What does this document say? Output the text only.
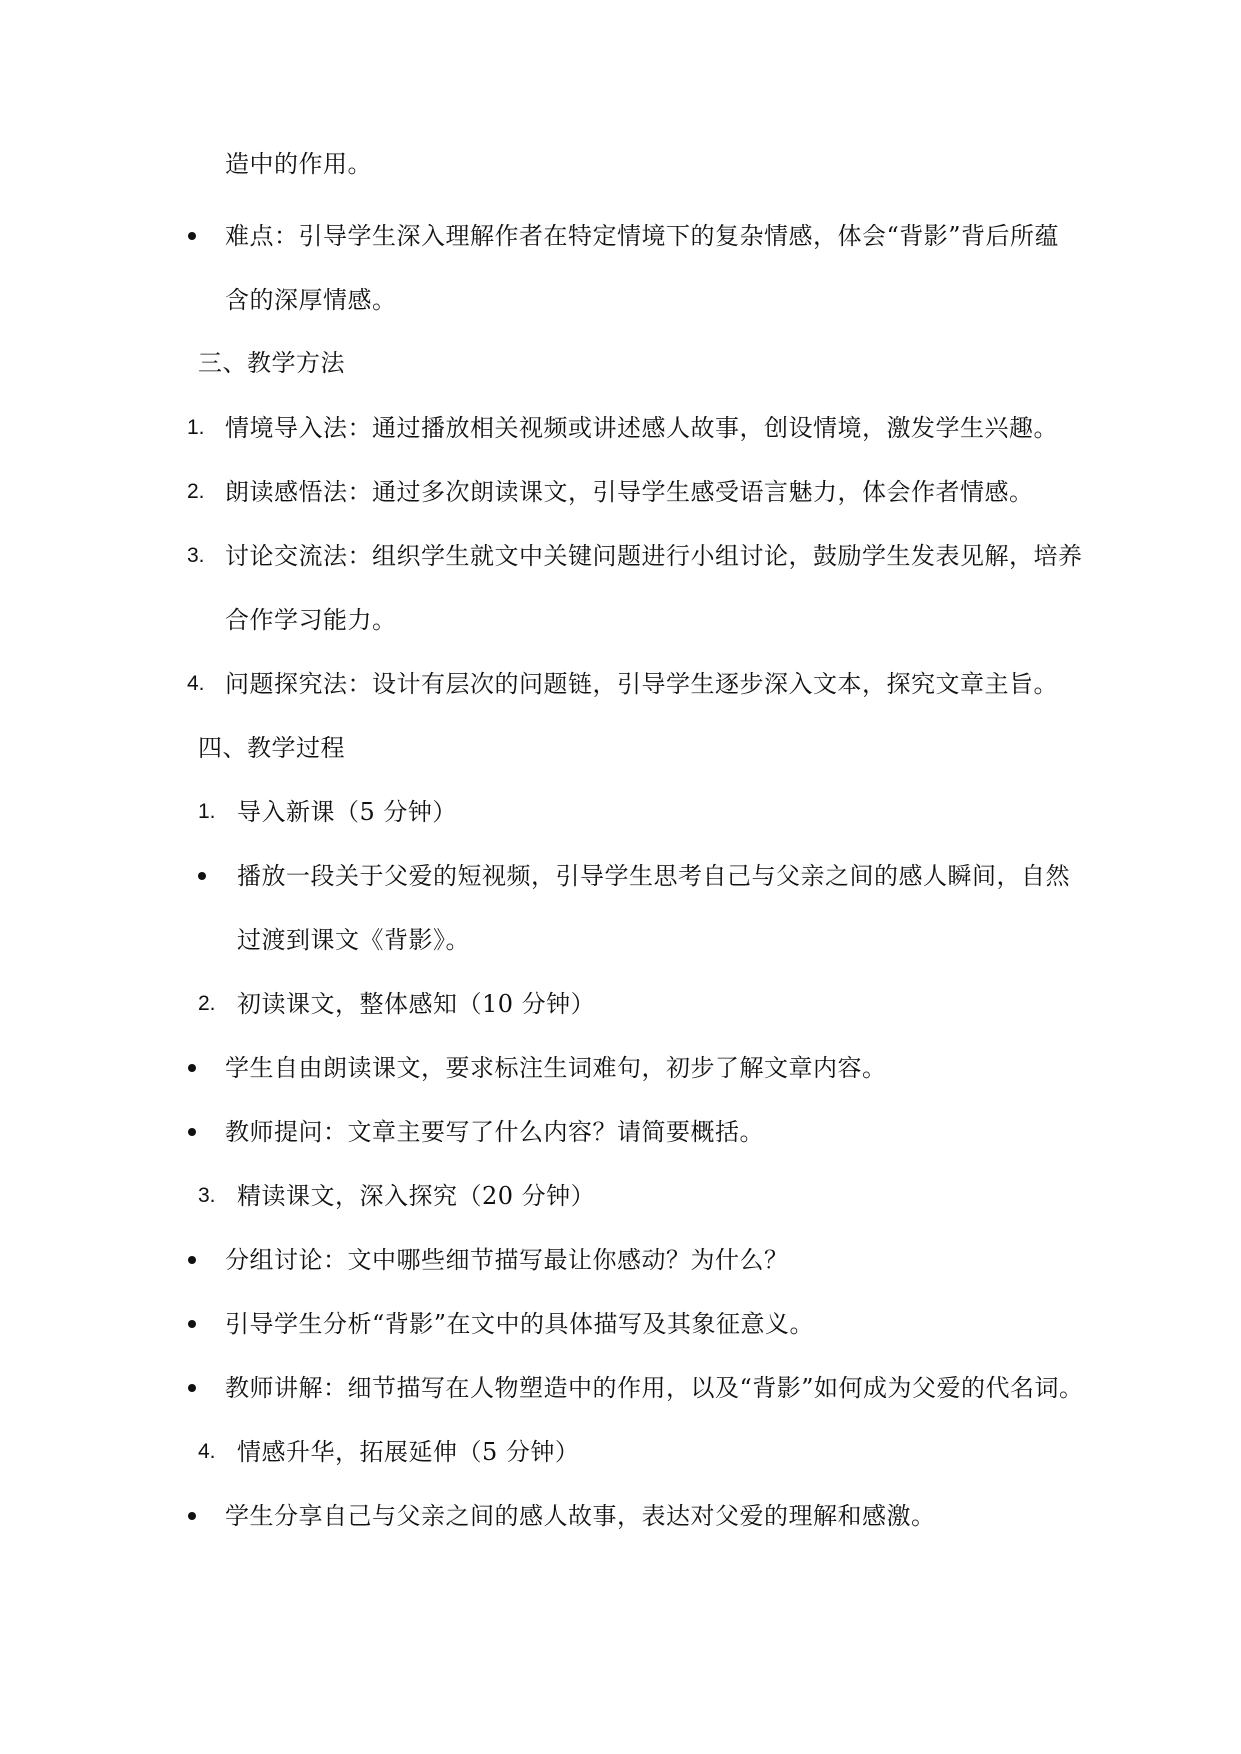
造中的作用。
难点：引导学生深入理解作者在特定情境下的复杂情感，体会“背影”背后所蕴
含的深厚情感。
三、教学方法
1. 情境导入法：通过播放相关视频或讲述感人故事，创设情境，激发学生兴趣。
2. 朗读感悟法：通过多次朗读课文，引导学生感受语言魅力，体会作者情感。
3. 讨论交流法：组织学生就文中关键问题进行小组讨论，鼓励学生发表见解，培养
合作学习能力。
4. 问题探究法：设计有层次的问题链，引导学生逐步深入文本，探究文章主旨。
四、教学过程
1. 导入新课（5 分钟）
播放一段关于父爱的短视频，引导学生思考自己与父亲之间的感人瞬间，自然
过渡到课文《背影》。
2. 初读课文，整体感知（10 分钟）
学生自由朗读课文，要求标注生词难句，初步了解文章内容。
教师提问：文章主要写了什么内容？请简要概括。
3. 精读课文，深入探究（20 分钟）
分组讨论：文中哪些细节描写最让你感动？为什么？
引导学生分析“背影”在文中的具体描写及其象征意义。
教师讲解：细节描写在人物塑造中的作用，以及“背影”如何成为父爱的代名词。
4. 情感升华，拓展延伸（5 分钟）
学生分享自己与父亲之间的感人故事，表达对父爱的理解和感激。
